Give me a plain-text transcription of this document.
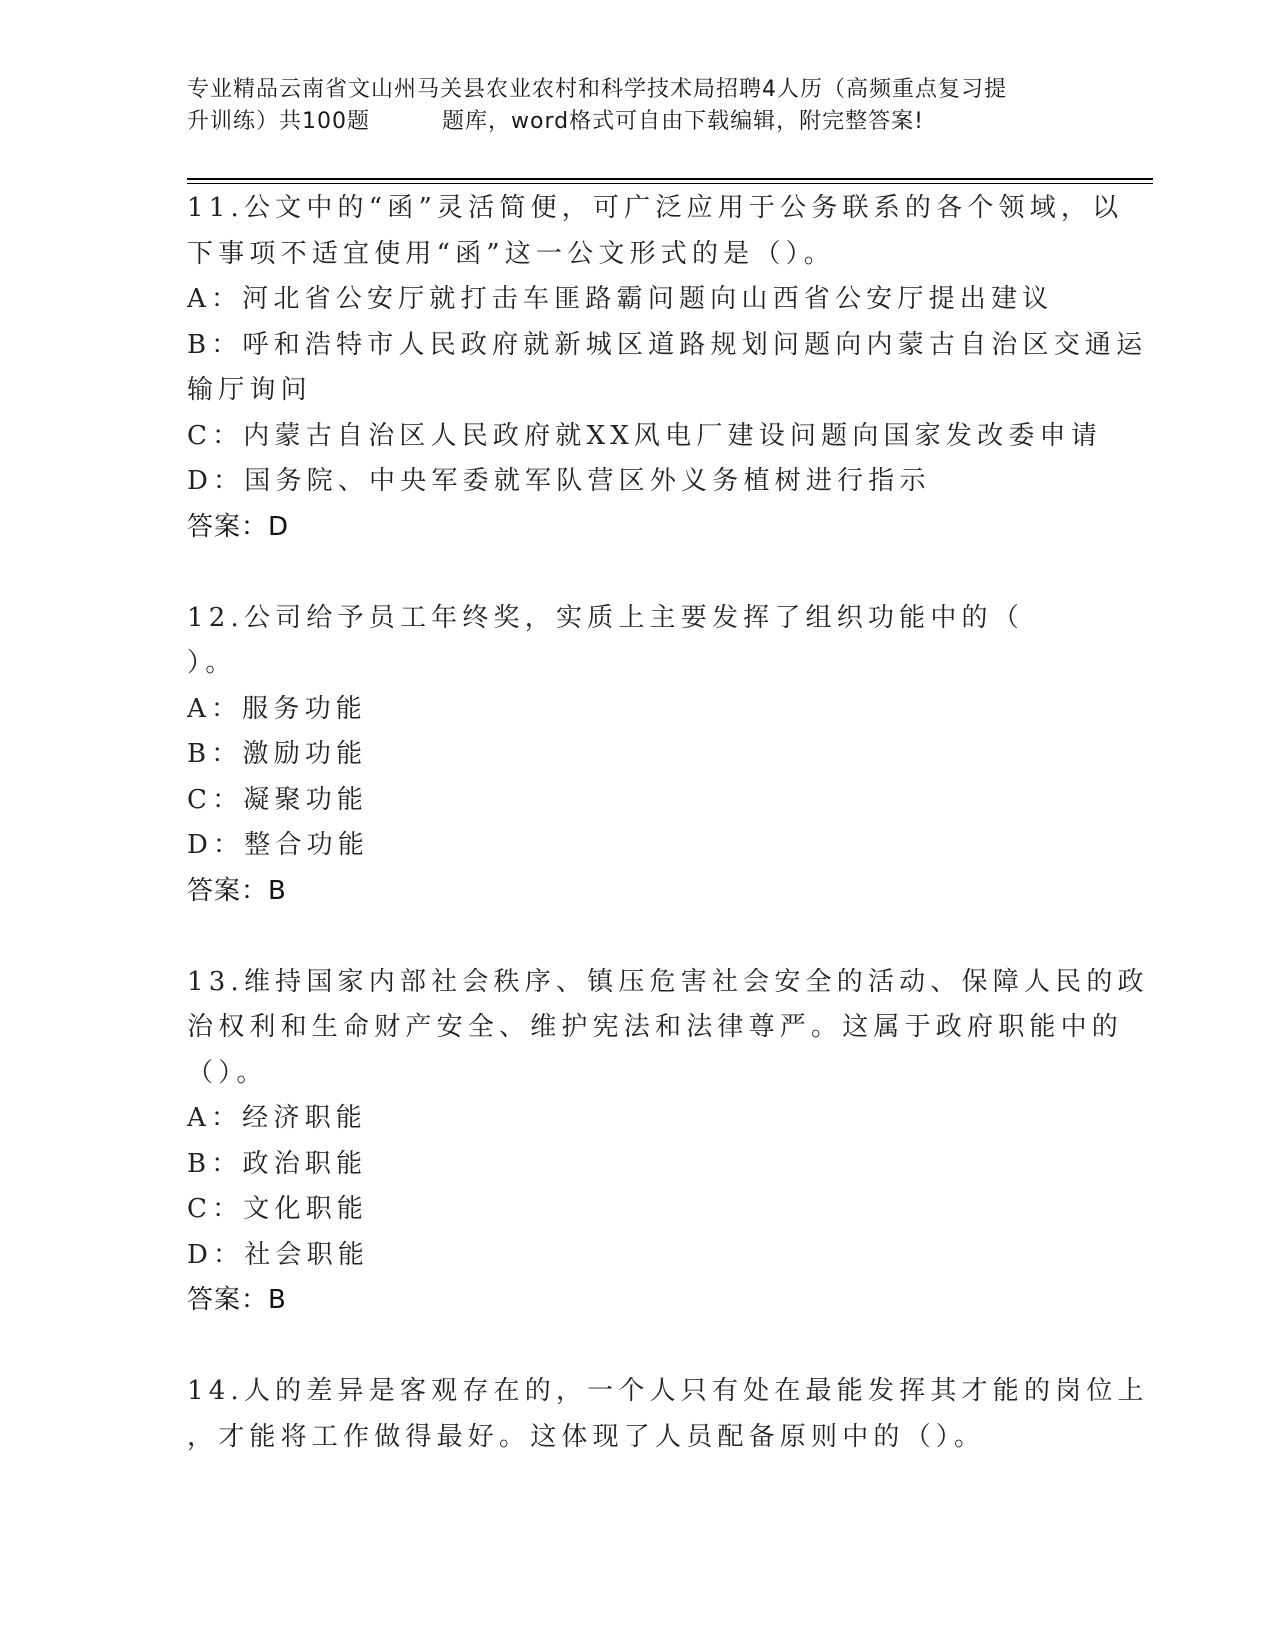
专业精品云南省文山州马关县农业农村和科学技术局招聘4人历（高频重点复习提
升训练）共100题	题库，word格式可自由下载编辑，附完整答案!
11.公文中的“函”灵活简便，可广泛应用于公务联系的各个领域，以
下事项不适宜使用“函”这一公文形式的是（）。
A：河北省公安厅就打击车匪路霸问题向山西省公安厅提出建议
B：呼和浩特市人民政府就新城区道路规划问题向内蒙古自治区交通运
输厅询问
C：内蒙古自治区人民政府就XX风电厂建设问题向国家发改委申请
D：国务院、中央军委就军队营区外义务植树进行指示
答案：D
12.公司给予员工年终奖，实质上主要发挥了组织功能中的（
）。
A：服务功能
B：激励功能
C：凝聚功能
D：整合功能
答案：B
13.维持国家内部社会秩序、镇压危害社会安全的活动、保障人民的政
治权利和生命财产安全、维护宪法和法律尊严。这属于政府职能中的
（）。
A：经济职能
B：政治职能
C：文化职能
D：社会职能
答案：B
14.人的差异是客观存在的，一个人只有处在最能发挥其才能的岗位上
，才能将工作做得最好。这体现了人员配备原则中的（）。
